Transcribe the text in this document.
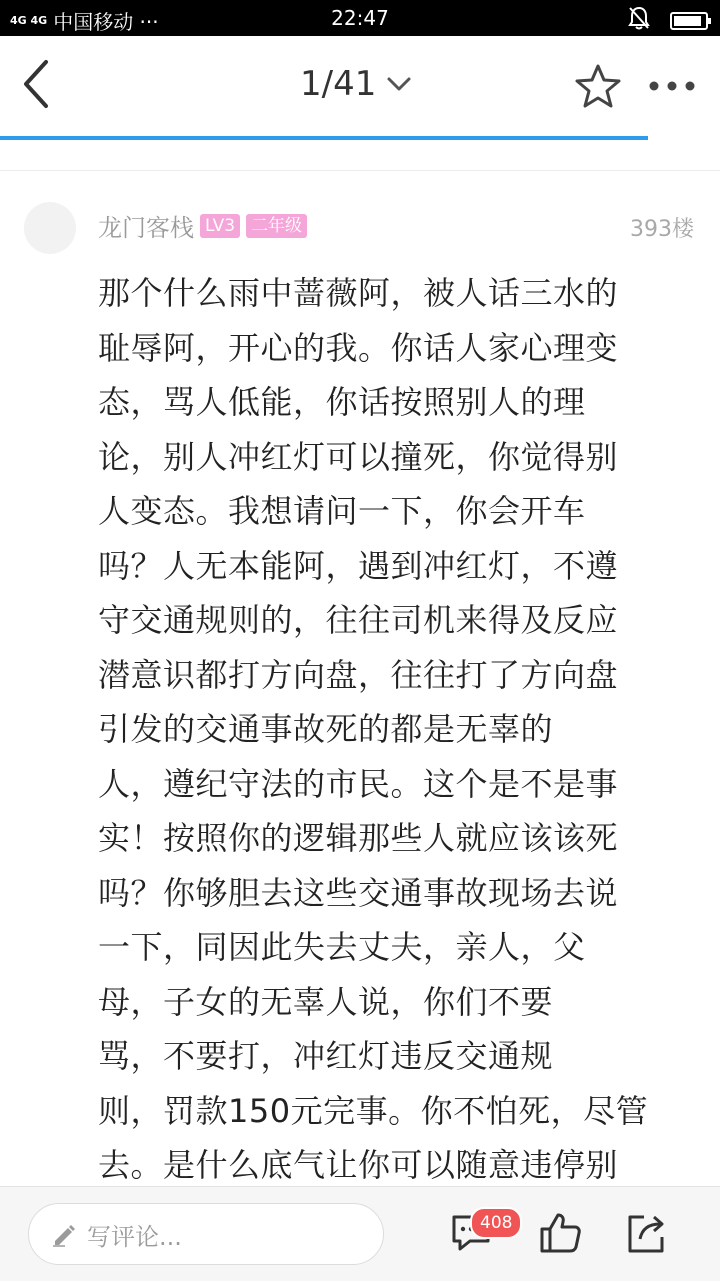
4G 4G 中国移动 ···	22:47
1/41
龙门客栈 LV3 二年级	393楼
那个什么雨中蔷薇阿，被人话三水的
耻辱阿，开心的我。你话人家心理变
态，骂人低能，你话按照别人的理
论，别人冲红灯可以撞死，你觉得别
人变态。我想请问一下，你会开车
吗？人无本能阿，遇到冲红灯，不遵
守交通规则的，往往司机来得及反应
潜意识都打方向盘，往往打了方向盘
引发的交通事故死的都是无辜的
人，遵纪守法的市民。这个是不是事
实！按照你的逻辑那些人就应该该死
吗？你够胆去这些交通事故现场去说
一下，同因此失去丈夫，亲人，父
母，子女的无辜人说，你们不要
骂，不要打，冲红灯违反交通规
则，罚款150元完事。你不怕死，尽管
去。是什么底气让你可以随意违停别
写评论...	408
